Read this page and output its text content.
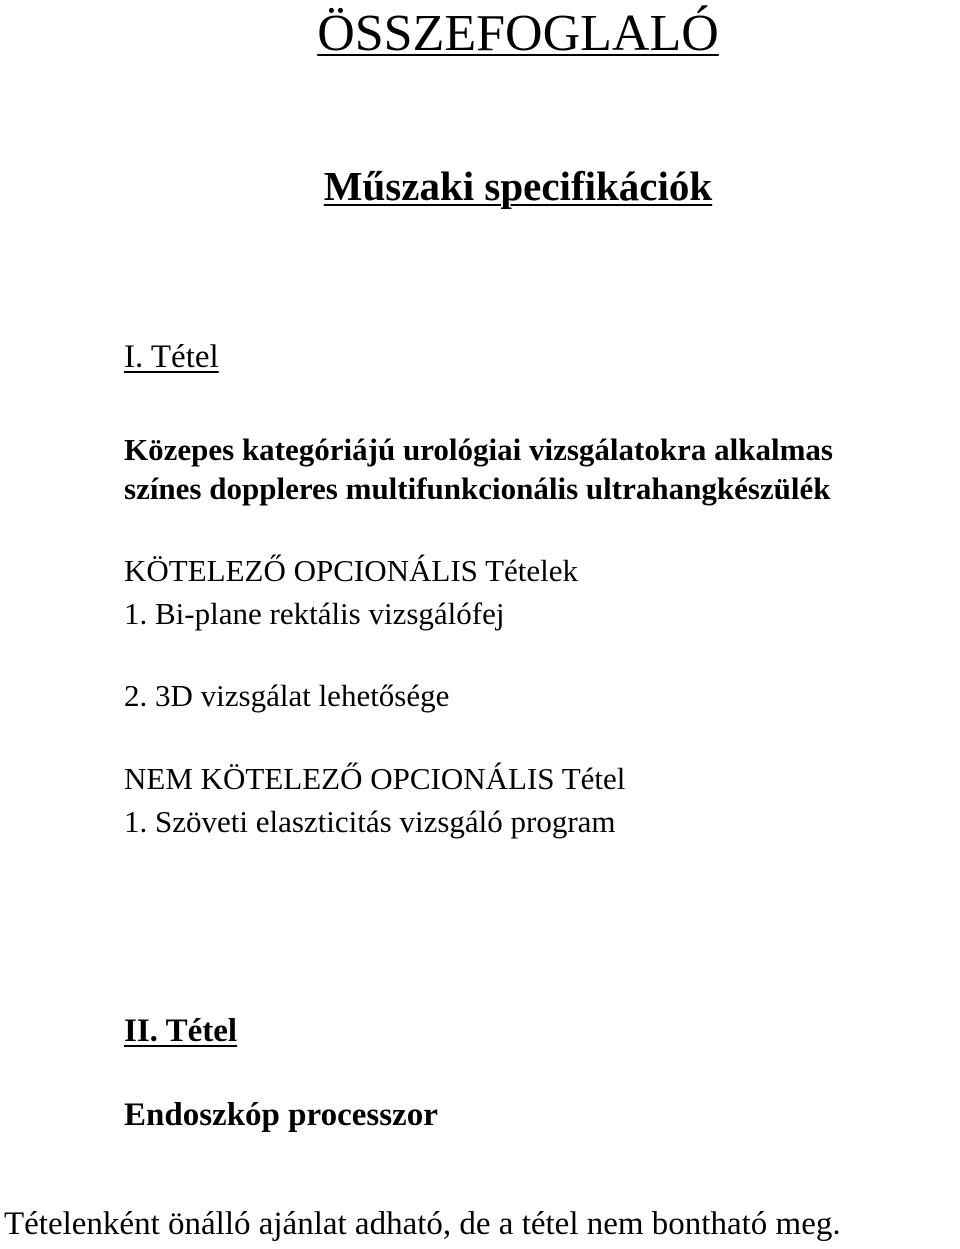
ÖSSZEFOGLALÓ
Műszaki specifikációk
I. Tétel
Közepes kategóriájú urológiai vizsgálatokra alkalmas
színes doppleres multifunkcionális ultrahangkészülék
KÖTELEZŐ OPCIONÁLIS Tételek
1. Bi-plane rektális vizsgálófej
2. 3D vizsgálat lehetősége
NEM KÖTELEZŐ OPCIONÁLIS Tétel
1. Szöveti elaszticitás vizsgáló program
II. Tétel
Endoszkóp processzor
Tételenként önálló ajánlat adható, de a tétel nem bontható meg.
